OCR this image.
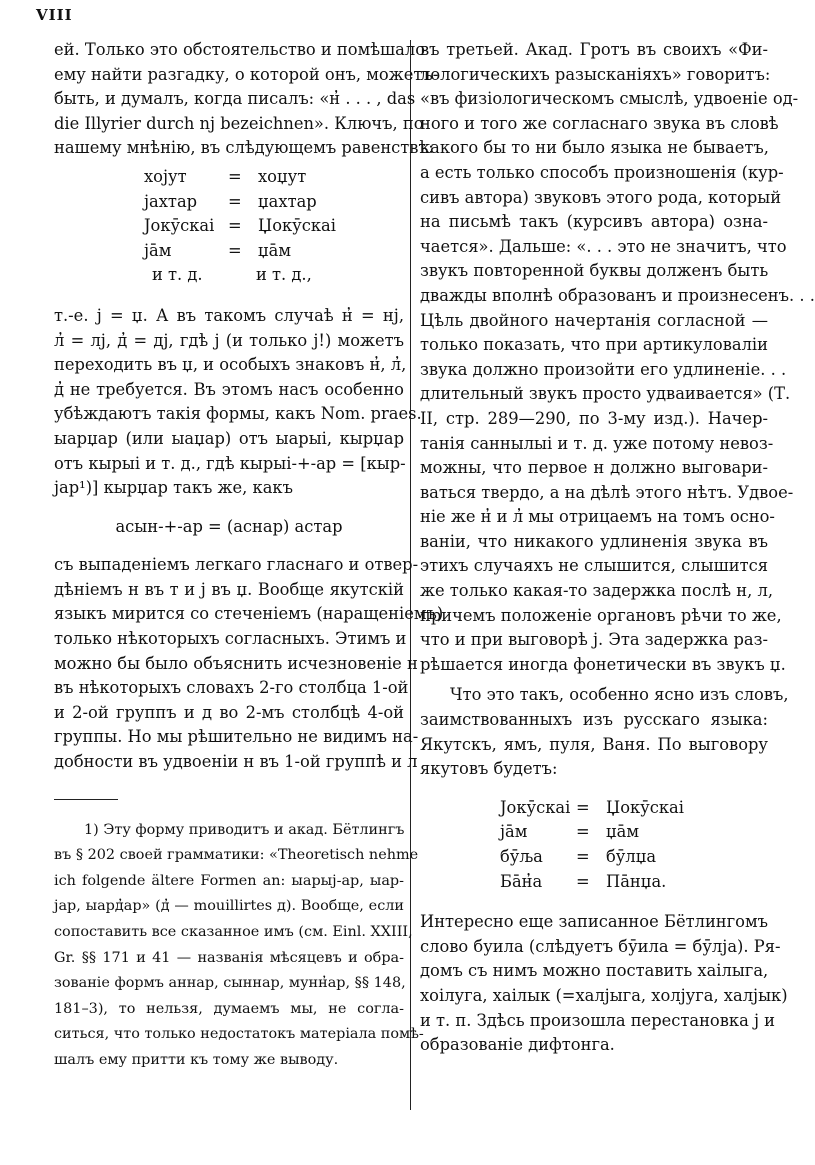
VIII
ей. Только это обстоятельство и помѣшало
ему найти разгадку, о которой онъ, можетъ-
быть, и думалъ, когда писалъ: «н̓ . . . , das
die Illyrier durch nj bezeichnen». Ключъ, по
нашему мнѣнію, въ слѣдующемъ равенствѣ:
хојут	=	хоџут
јахтар	=	џахтар
Јокӯскаі =	Џокӯскаі
јāм	=	џāм
и т. д.	и т. д.,
т.-е. ј = џ. А въ такомъ случаѣ н̓ = нј,
л̓ = лј, д̓ = дј, гдѣ ј (и только ј!) можетъ
переходить въ џ, и особыхъ знаковъ н̓, л̓,
д̓ не требуется. Въ этомъ насъ особенно
убѣждаютъ такія формы, какъ Nom. praes.
ыарџар (или ыаџар) отъ ыарыі, кырџар
отъ кырыі и т. д., гдѣ кырыі-+-ар = [кыр-
јар¹)] кырџар такъ же, какъ
асын-+-ар = (аснар) астар
съ выпаденіемъ легкаго гласнаго и отвер-
дѣніемъ н въ т и ј въ џ. Вообще якутскій
языкъ мирится со стеченіемъ (наращеніемъ)
только нѣкоторыхъ согласныхъ. Этимъ и
можно бы было объяснить исчезновеніе н
въ нѣкоторыхъ словахъ 2-го столбца 1-ой
и 2-ой группъ и д во 2-мъ столбцѣ 4-ой
группы. Но мы рѣшительно не видимъ на-
добности въ удвоеніи н въ 1-ой группѣ и л
1) Эту форму приводитъ и акад. Бётлингъ
въ § 202 своей грамматики: «Theoretisch nehme
ich folgende ältere Formen an: ыарыј-ар, ыар-
јар, ыард̓ар» (д̓ — mouillirtes д). Вообще, если
сопоставить все сказанное имъ (см. Einl. XXIII,
Gr. §§ 171 и 41 — названія мѣсяцевъ и обра-
зованіе формъ аннар, сыннар, мунн̓ар, §§ 148,
181–3), то нельзя, думаемъ мы, не согла-
ситься, что только недостатокъ матеріала помѣ-
шалъ ему притти къ тому же выводу.
въ третьей. Акад. Гротъ въ своихъ «Фи-
лологическихъ разысканіяхъ» говоритъ:
«въ физіологическомъ смыслѣ, удвоеніе од-
ного и того же согласнаго звука въ словѣ
какого бы то ни было языка не бываетъ,
а есть только способъ произношенія (кур-
сивъ автора) звуковъ этого рода, который
на письмѣ такъ (курсивъ автора) озна-
чается». Дальше: «. . . это не значитъ, что
звукъ повторенной буквы долженъ быть
дважды вполнѣ образованъ и произнесенъ. . .
Цѣль двойного начертанія согласной —
только показать, что при артикуловаліи
звука должно произойти его удлиненіе. . .
длительный звукъ просто удваивается» (Т.
II, стр. 289—290, по 3-му изд.). Начер-
танія саннылыі и т. д. уже потому невоз-
можны, что первое н должно выговари-
ваться твердо, а на дѣлѣ этого нѣтъ. Удвое-
ніе же н̓ и л̓ мы отрицаемъ на томъ осно-
ваніи, что никакого удлиненія звука въ
этихъ случаяхъ не слышится, слышится
же только какая-то задержка послѣ н, л,
причемъ положеніе органовъ рѣчи то же,
что и при выговорѣ ј. Эта задержка раз-
рѣшается иногда фонетически въ звукъ џ.
Что это такъ, особенно ясно изъ словъ,
заимствованныхъ изъ русскаго языка:
Якутскъ, ямъ, пуля, Ваня. По выговору
якутовъ будетъ:
Јокӯскаі =	Џокӯскаі
јāм	=	џāм
бӯља	=	бӯлџа
Бāн̓а	=	Пāнџа.
Интересно еще записанное Бётлингомъ
слово буила (слѣдуетъ бӯила = бӯлја). Ря-
домъ съ нимъ можно поставить хаілыга,
хоілуга, хаілык (=халјыга, холјуга, халјык)
и т. п. Здѣсь произошла перестановка ј и
образованіе дифтонга.
